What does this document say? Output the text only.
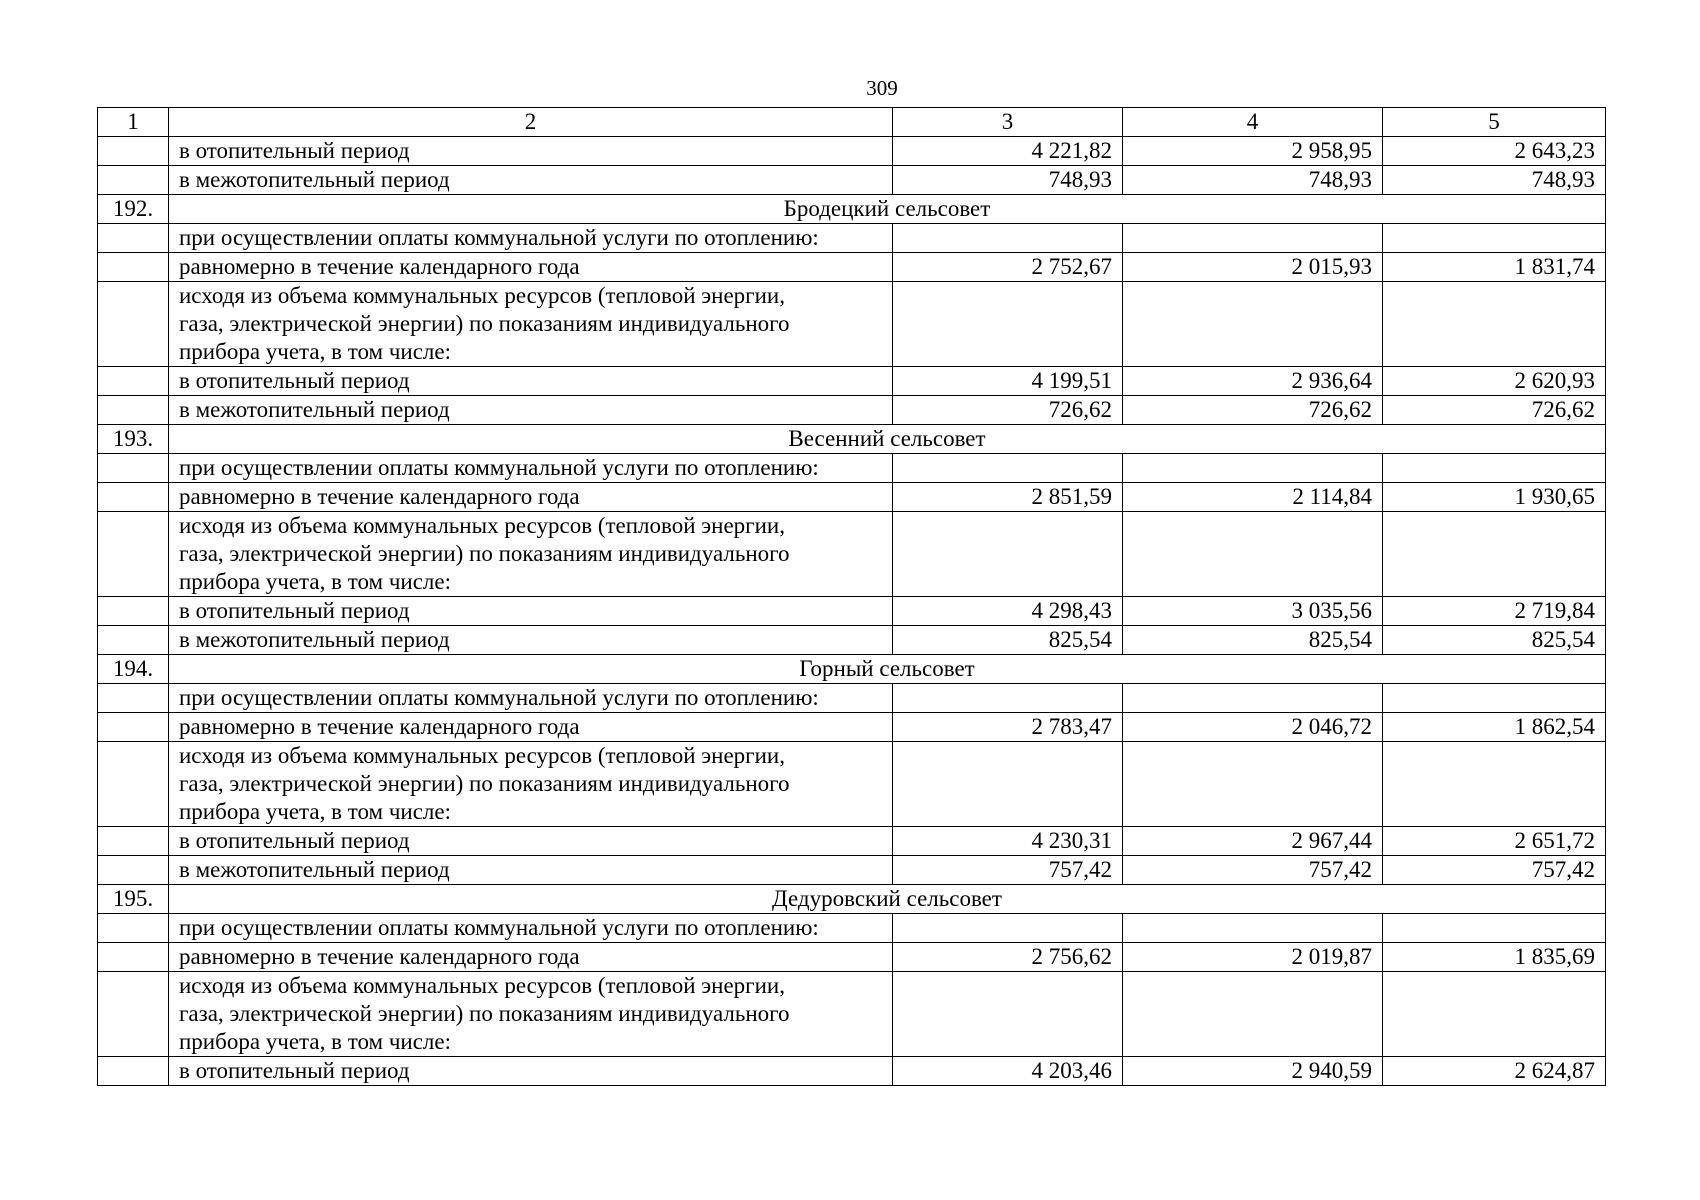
309
1	2	3	4	5
	в отопительный период	4 221,82	2 958,95	2 643,23
	в межотопительный период	748,93	748,93	748,93
192.	Бродецкий сельсовет			
	при осуществлении оплаты коммунальной услуги по отоплению:			
	равномерно в течение календарного года	2 752,67	2 015,93	1 831,74

	исходя из объема коммунальных ресурсов (тепловой энергии,
газа, электрической энергии) по показаниям индивидуального
прибора учета, в том числе:			

	в отопительный период	4 199,51	2 936,64	2 620,93
	в межотопительный период	726,62	726,62	726,62
193.	Весенний сельсовет			
	при осуществлении оплаты коммунальной услуги по отоплению:			
	равномерно в течение календарного года	2 851,59	2 114,84	1 930,65

	исходя из объема коммунальных ресурсов (тепловой энергии,
газа, электрической энергии) по показаниям индивидуального
прибора учета, в том числе:			

	в отопительный период	4 298,43	3 035,56	2 719,84
	в межотопительный период	825,54	825,54	825,54
194.	Горный сельсовет			
	при осуществлении оплаты коммунальной услуги по отоплению:			
	равномерно в течение календарного года	2 783,47	2 046,72	1 862,54

	исходя из объема коммунальных ресурсов (тепловой энергии,
газа, электрической энергии) по показаниям индивидуального
прибора учета, в том числе:			

	в отопительный период	4 230,31	2 967,44	2 651,72
	в межотопительный период	757,42	757,42	757,42
195.	Дедуровский сельсовет			
	при осуществлении оплаты коммунальной услуги по отоплению:			
	равномерно в течение календарного года	2 756,62	2 019,87	1 835,69

	исходя из объема коммунальных ресурсов (тепловой энергии,
газа, электрической энергии) по показаниям индивидуального
прибора учета, в том числе:			

	в отопительный период	4 203,46	2 940,59	2 624,87
